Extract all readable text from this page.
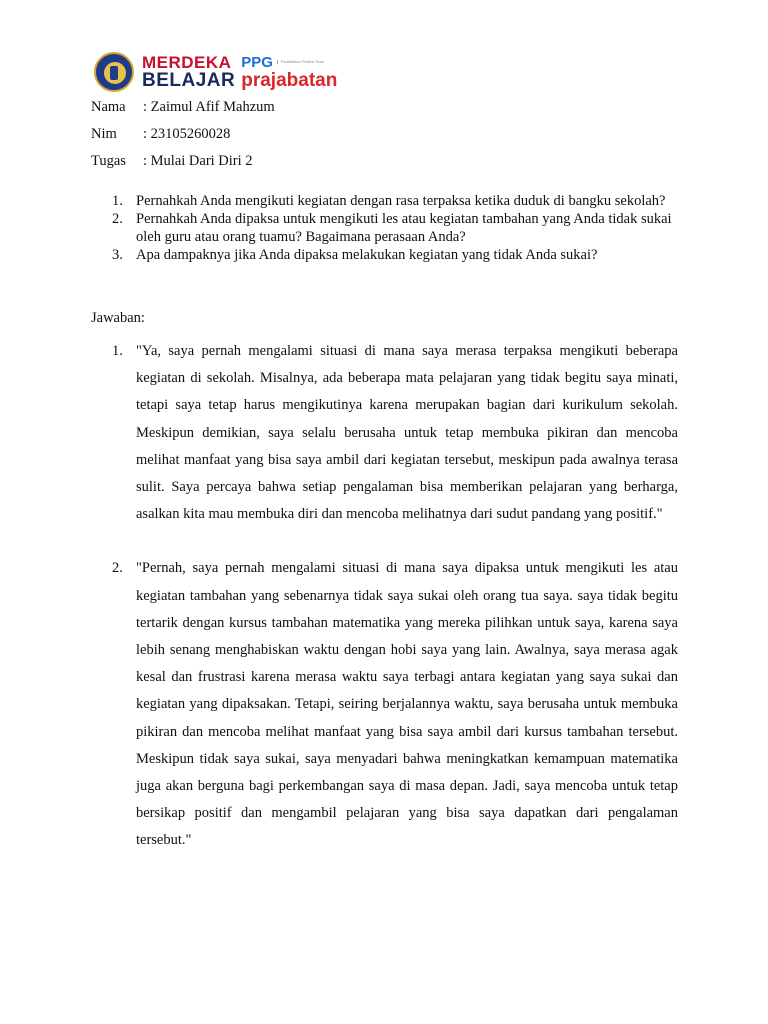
MERDEKA
BELAJAR
PPG	Pendidikan Profesi Guru
prajabatan
Nama : Zaimul Afif Mahzum
Nim : 23105260028
Tugas : Mulai Dari Diri 2
1. Pernahkah Anda mengikuti kegiatan dengan rasa terpaksa ketika duduk di bangku sekolah?
2. Pernahkah Anda dipaksa untuk mengikuti les atau kegiatan tambahan yang Anda tidak sukai oleh guru atau orang tuamu? Bagaimana perasaan Anda?
3. Apa dampaknya jika Anda dipaksa melakukan kegiatan yang tidak Anda sukai?
Jawaban:
1. "Ya, saya pernah mengalami situasi di mana saya merasa terpaksa mengikuti beberapa kegiatan di sekolah. Misalnya, ada beberapa mata pelajaran yang tidak begitu saya minati, tetapi saya tetap harus mengikutinya karena merupakan bagian dari kurikulum sekolah. Meskipun demikian, saya selalu berusaha untuk tetap membuka pikiran dan mencoba melihat manfaat yang bisa saya ambil dari kegiatan tersebut, meskipun pada awalnya terasa sulit. Saya percaya bahwa setiap pengalaman bisa memberikan pelajaran yang berharga, asalkan kita mau membuka diri dan mencoba melihatnya dari sudut pandang yang positif."
2. "Pernah, saya pernah mengalami situasi di mana saya dipaksa untuk mengikuti les atau kegiatan tambahan yang sebenarnya tidak saya sukai oleh orang tua saya. saya tidak begitu tertarik dengan kursus tambahan matematika yang mereka pilihkan untuk saya, karena saya lebih senang menghabiskan waktu dengan hobi saya yang lain. Awalnya, saya merasa agak kesal dan frustrasi karena merasa waktu saya terbagi antara kegiatan yang saya sukai dan kegiatan yang dipaksakan. Tetapi, seiring berjalannya waktu, saya berusaha untuk membuka pikiran dan mencoba melihat manfaat yang bisa saya ambil dari kursus tambahan tersebut. Meskipun tidak saya sukai, saya menyadari bahwa meningkatkan kemampuan matematika juga akan berguna bagi perkembangan saya di masa depan. Jadi, saya mencoba untuk tetap bersikap positif dan mengambil pelajaran yang bisa saya dapatkan dari pengalaman tersebut."
